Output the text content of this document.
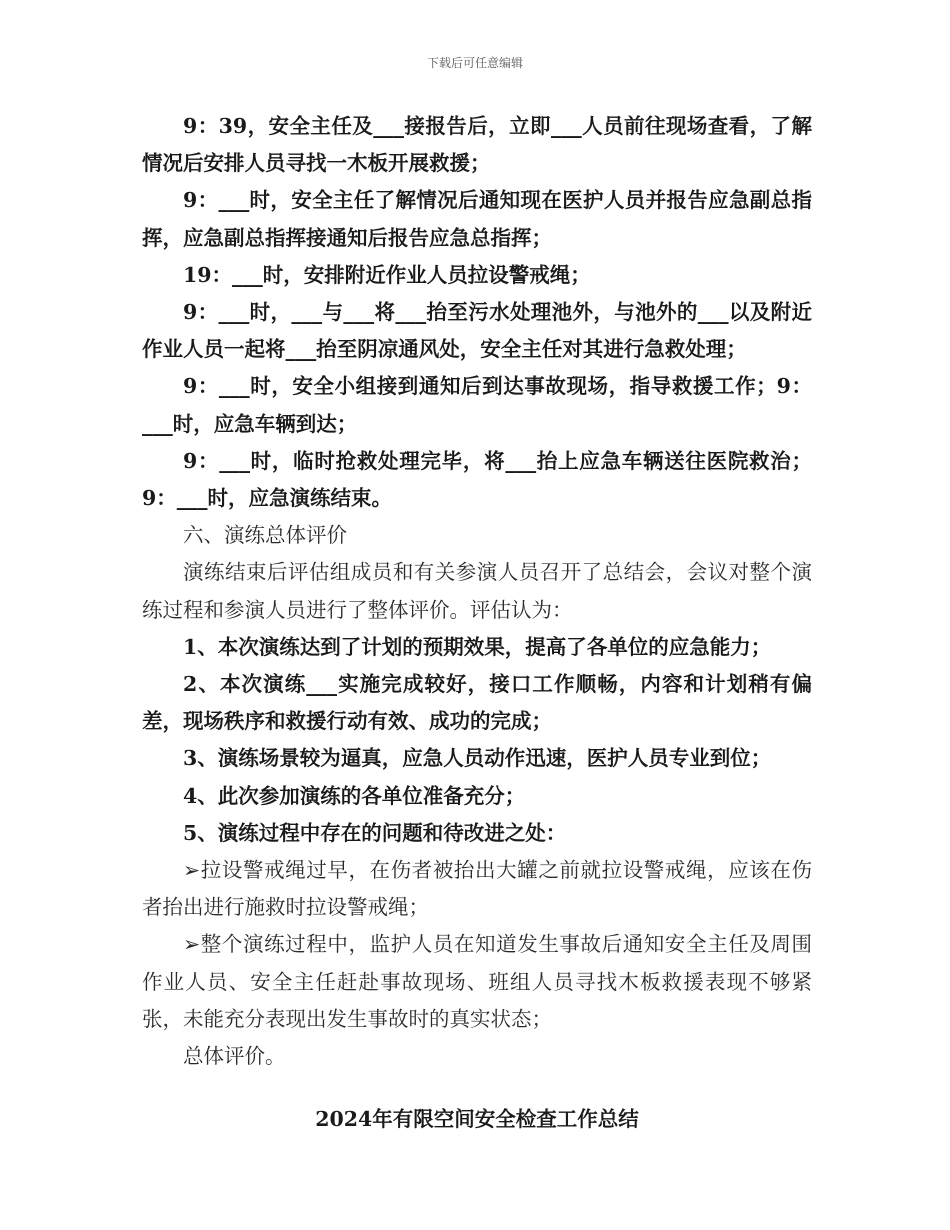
下载后可任意编辑

9：39，安全主任及___接报告后，立即___人员前往现场查看，了解情况后安排人员寻找一木板开展救援；

9：___时，安全主任了解情况后通知现在医护人员并报告应急副总指挥，应急副总指挥接通知后报告应急总指挥；

19：___时，安排附近作业人员拉设警戒绳；

9：___时，___与___将___抬至污水处理池外，与池外的___以及附近作业人员一起将___抬至阴凉通风处，安全主任对其进行急救处理；

9：___时，安全小组接到通知后到达事故现场，指导救援工作；9：___时，应急车辆到达；

9：___时，临时抢救处理完毕，将___抬上应急车辆送往医院救治；9：___时，应急演练结束。

六、演练总体评价

演练结束后评估组成员和有关参演人员召开了总结会，会议对整个演练过程和参演人员进行了整体评价。评估认为：

1、本次演练达到了计划的预期效果，提高了各单位的应急能力；

2、本次演练___实施完成较好，接口工作顺畅，内容和计划稍有偏差，现场秩序和救援行动有效、成功的完成；

3、演练场景较为逼真，应急人员动作迅速，医护人员专业到位；

4、此次参加演练的各单位准备充分；

5、演练过程中存在的问题和待改进之处：

➢拉设警戒绳过早，在伤者被抬出大罐之前就拉设警戒绳，应该在伤者抬出进行施救时拉设警戒绳；

➢整个演练过程中，监护人员在知道发生事故后通知安全主任及周围作业人员、安全主任赶赴事故现场、班组人员寻找木板救援表现不够紧张，未能充分表现出发生事故时的真实状态；

总体评价。

2024年有限空间安全检查工作总结
